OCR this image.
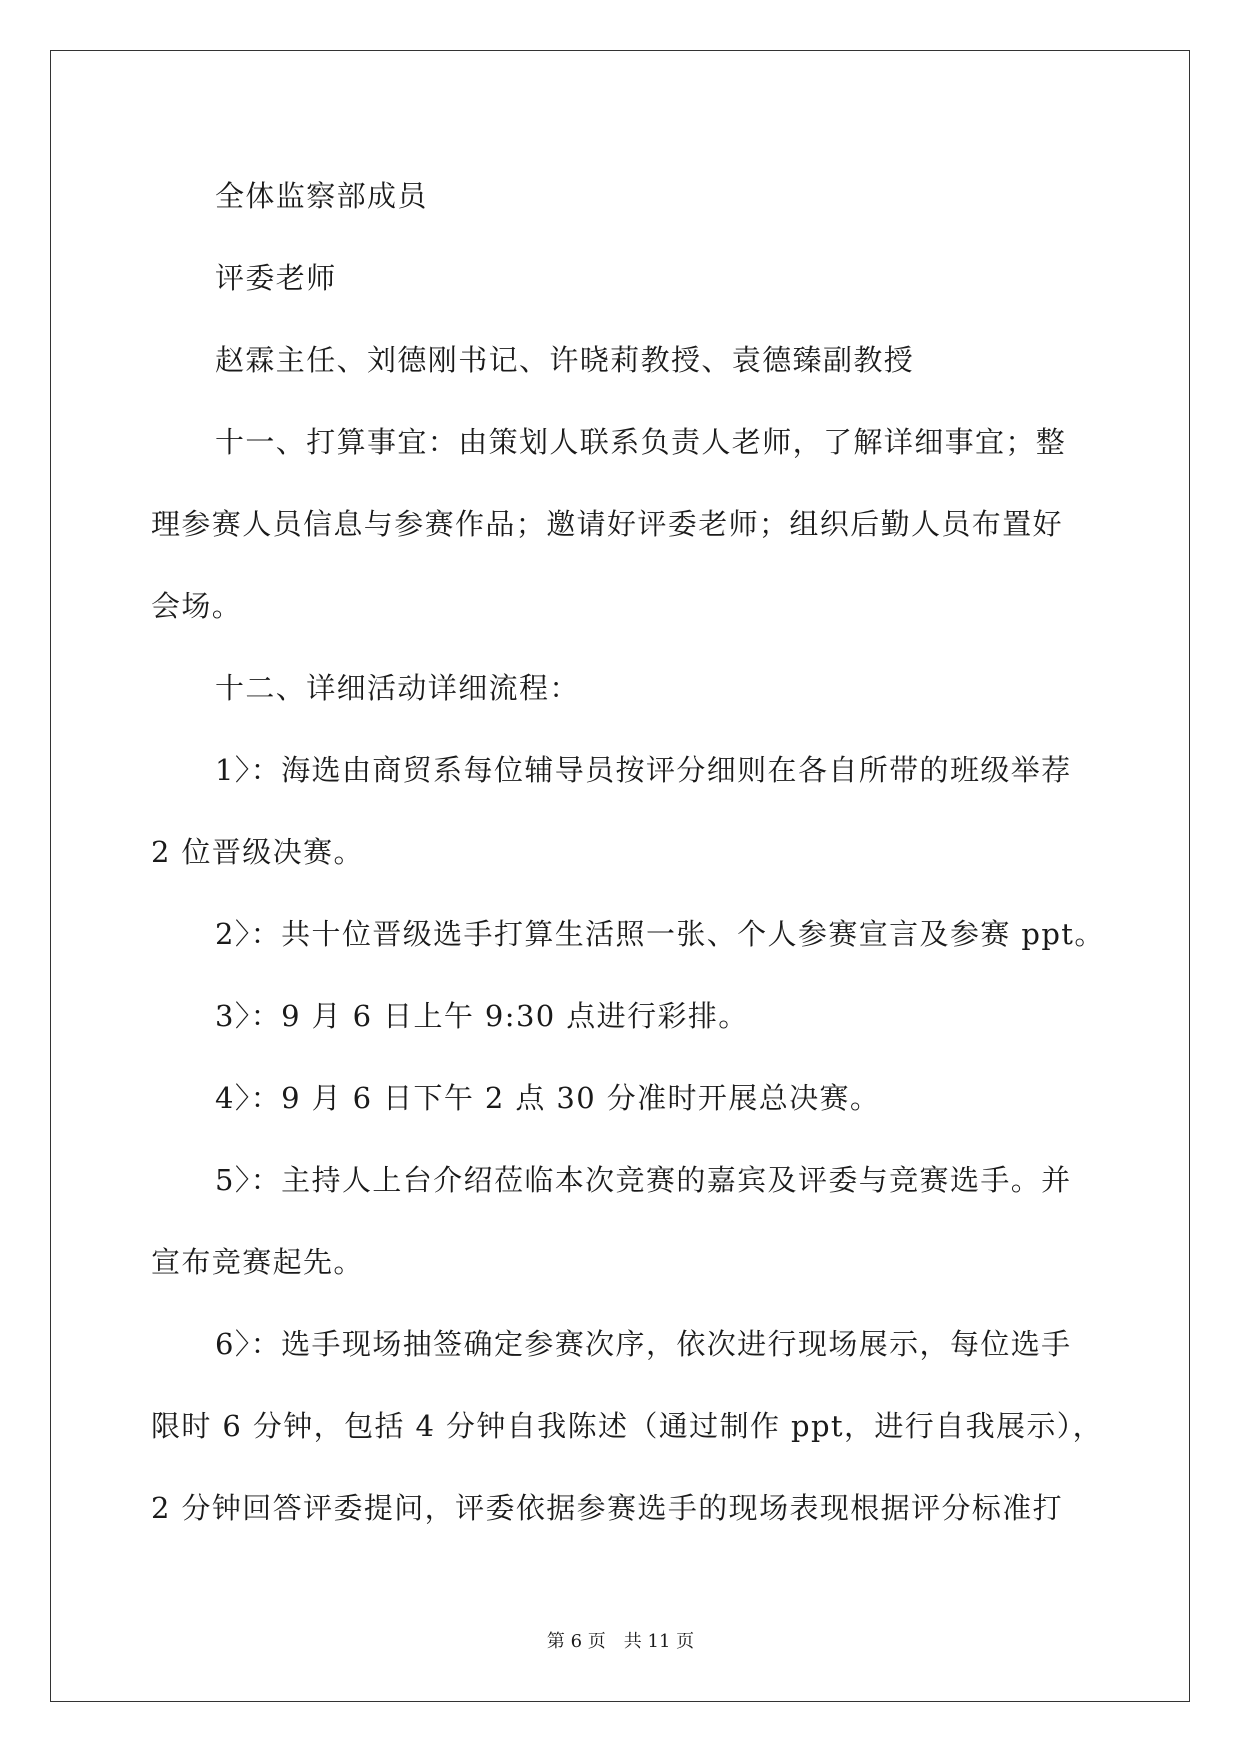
全体监察部成员

评委老师

赵霖主任、刘德刚书记、许晓莉教授、袁德臻副教授

十一、打算事宜：由策划人联系负责人老师，了解详细事宜；整

理参赛人员信息与参赛作品；邀请好评委老师；组织后勤人员布置好

会场。

十二、详细活动详细流程：

1〉：海选由商贸系每位辅导员按评分细则在各自所带的班级举荐

2 位晋级决赛。

2〉：共十位晋级选手打算生活照一张、个人参赛宣言及参赛 ppt。

3〉：9 月 6 日上午 9:30 点进行彩排。

4〉：9 月 6 日下午 2 点 30 分准时开展总决赛。

5〉：主持人上台介绍莅临本次竞赛的嘉宾及评委与竞赛选手。并

宣布竞赛起先。

6〉：选手现场抽签确定参赛次序，依次进行现场展示，每位选手

限时 6 分钟，包括 4 分钟自我陈述（通过制作 ppt，进行自我展示），

2 分钟回答评委提问，评委依据参赛选手的现场表现根据评分标准打

第 6 页 共 11 页
